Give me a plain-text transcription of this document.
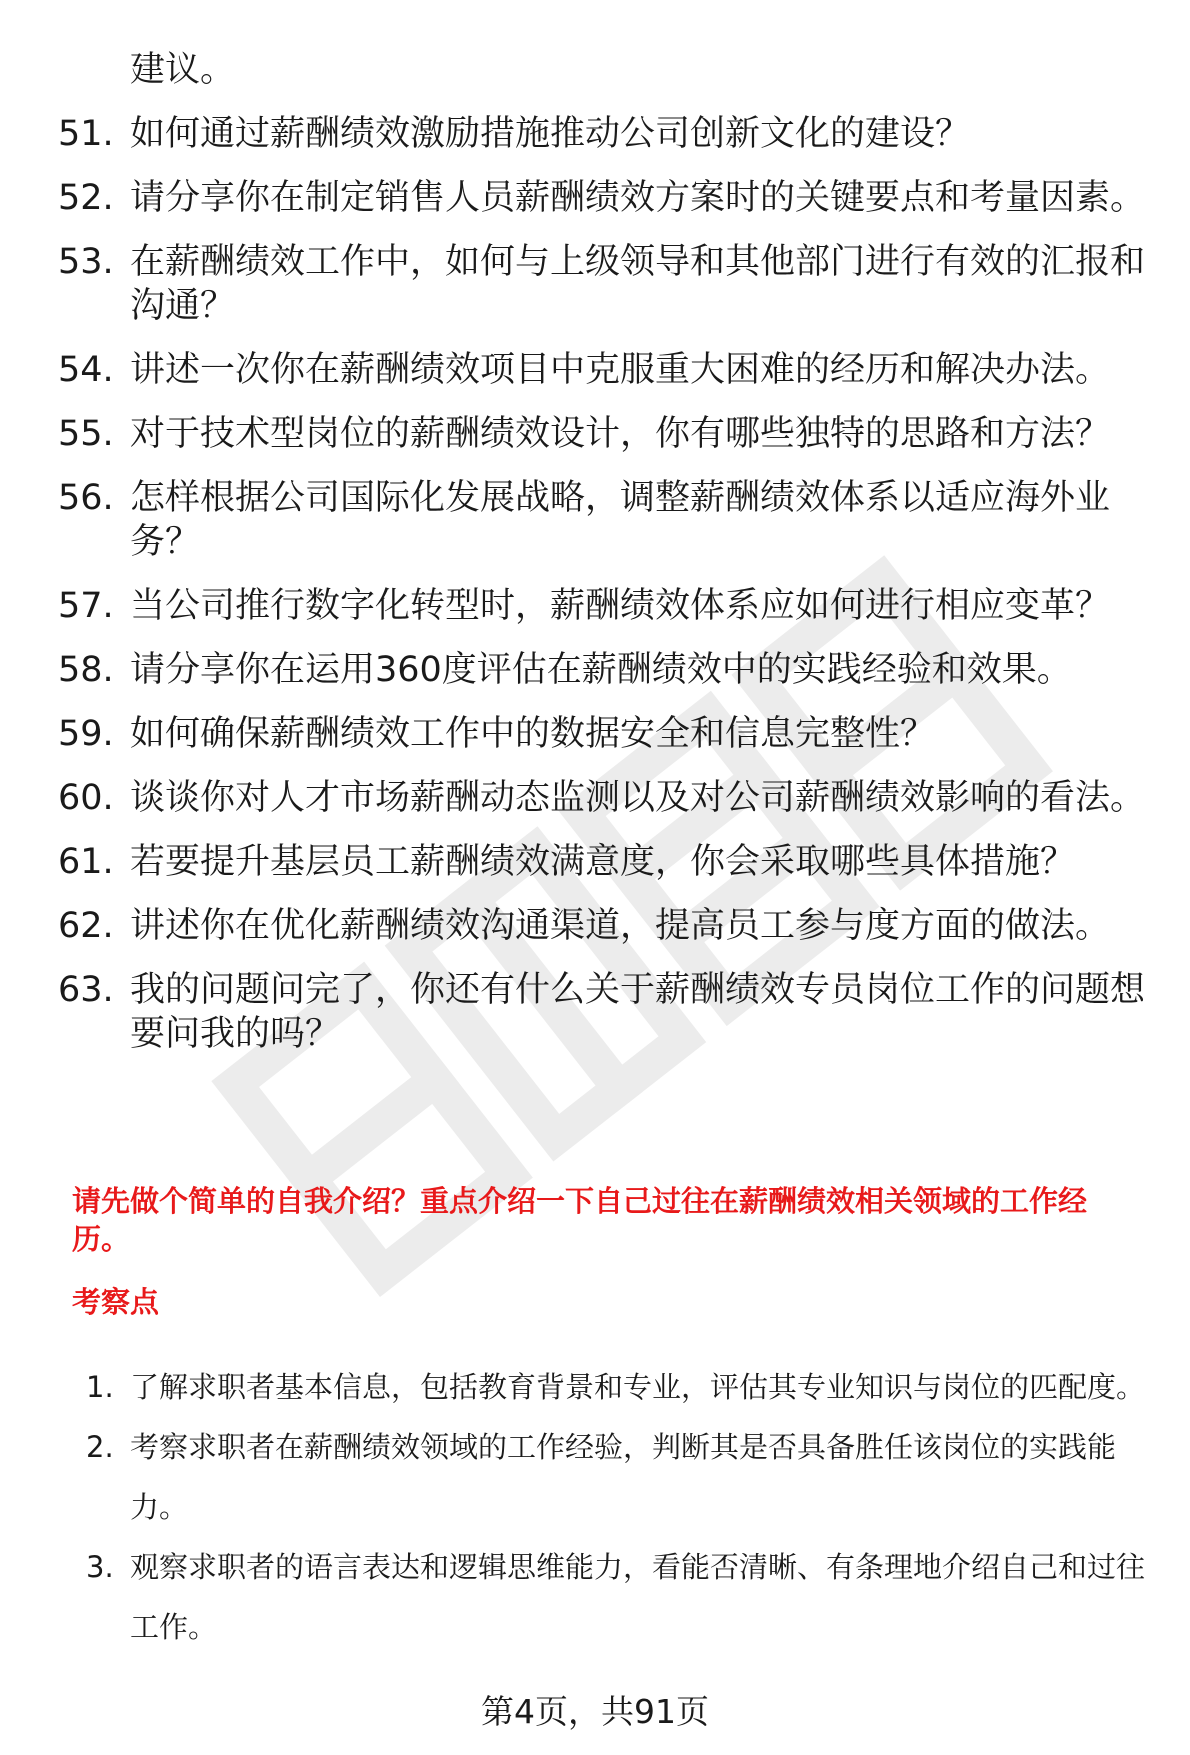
建议。
51. 如何通过薪酬绩效激励措施推动公司创新文化的建设？
52. 请分享你在制定销售人员薪酬绩效方案时的关键要点和考量因素。
53. 在薪酬绩效工作中，如何与上级领导和其他部门进行有效的汇报和沟通？
54. 讲述一次你在薪酬绩效项目中克服重大困难的经历和解决办法。
55. 对于技术型岗位的薪酬绩效设计，你有哪些独特的思路和方法？
56. 怎样根据公司国际化发展战略，调整薪酬绩效体系以适应海外业务？
57. 当公司推行数字化转型时，薪酬绩效体系应如何进行相应变革？
58. 请分享你在运用360度评估在薪酬绩效中的实践经验和效果。
59. 如何确保薪酬绩效工作中的数据安全和信息完整性？
60. 谈谈你对人才市场薪酬动态监测以及对公司薪酬绩效影响的看法。
61. 若要提升基层员工薪酬绩效满意度，你会采取哪些具体措施？
62. 讲述你在优化薪酬绩效沟通渠道，提高员工参与度方面的做法。
63. 我的问题问完了，你还有什么关于薪酬绩效专员岗位工作的问题想要问我的吗？
请先做个简单的自我介绍？重点介绍一下自己过往在薪酬绩效相关领域的工作经历。
考察点
1. 了解求职者基本信息，包括教育背景和专业，评估其专业知识与岗位的匹配度。
2. 考察求职者在薪酬绩效领域的工作经验，判断其是否具备胜任该岗位的实践能力。
3. 观察求职者的语言表达和逻辑思维能力，看能否清晰、有条理地介绍自己和过往工作。
第4页，共91页
